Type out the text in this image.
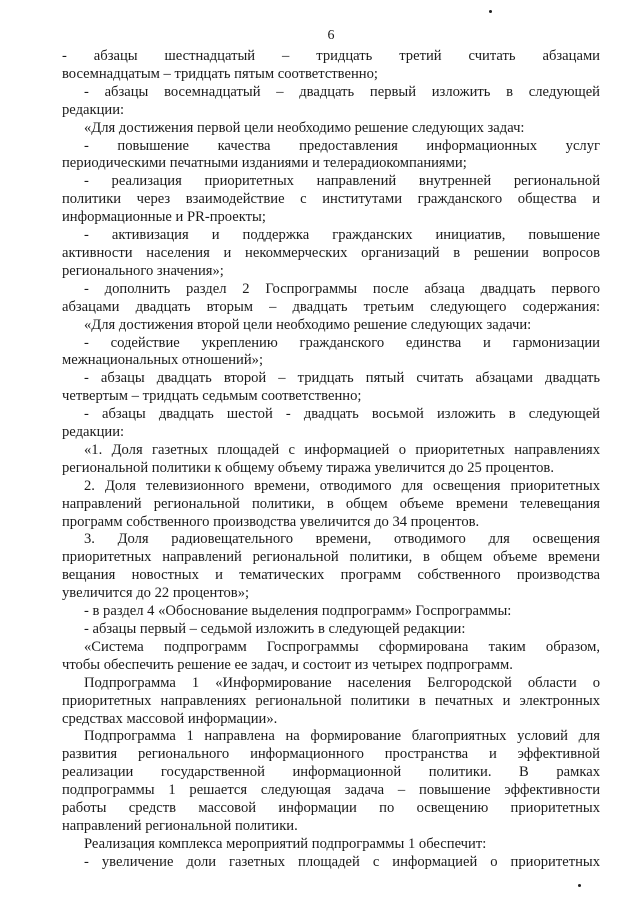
6
- абзацы шестнадцатый – тридцать третий считать абзацами
восемнадцатым – тридцать пятым соответственно;
- абзацы восемнадцатый – двадцать первый изложить в следующей
редакции:
«Для достижения первой цели необходимо решение следующих задач:
- повышение качества предоставления информационных услуг
периодическими печатными изданиями и телерадиокомпаниями;
- реализация приоритетных направлений внутренней региональной
политики через взаимодействие с институтами гражданского общества и
информационные и PR-проекты;
- активизация и поддержка гражданских инициатив, повышение
активности населения и некоммерческих организаций в решении вопросов
регионального значения»;
- дополнить раздел 2 Госпрограммы после абзаца двадцать первого
абзацами двадцать вторым – двадцать третьим следующего содержания:
«Для достижения второй цели необходимо решение следующих задачи:
- содействие укреплению гражданского единства и гармонизации
межнациональных отношений»;
- абзацы двадцать второй – тридцать пятый считать абзацами двадцать
четвертым – тридцать седьмым соответственно;
- абзацы двадцать шестой - двадцать восьмой изложить в следующей
редакции:
«1. Доля газетных площадей с информацией о приоритетных направлениях
региональной политики к общему объему тиража увеличится до 25 процентов.
2. Доля телевизионного времени, отводимого для освещения приоритетных
направлений региональной политики, в общем объеме времени телевещания
программ собственного производства увеличится до 34 процентов.
3. Доля радиовещательного времени, отводимого для освещения
приоритетных направлений региональной политики, в общем объеме времени
вещания новостных и тематических программ собственного производства
увеличится до 22 процентов»;
- в раздел 4 «Обоснование выделения подпрограмм» Госпрограммы:
- абзацы первый – седьмой изложить в следующей редакции:
«Система подпрограмм Госпрограммы сформирована таким образом,
чтобы обеспечить решение ее задач, и состоит из четырех подпрограмм.
Подпрограмма 1 «Информирование населения Белгородской области о
приоритетных направлениях региональной политики в печатных и электронных
средствах массовой информации».
Подпрограмма 1 направлена на формирование благоприятных условий для
развития регионального информационного пространства и эффективной
реализации государственной информационной политики. В рамках
подпрограммы 1 решается следующая задача – повышение эффективности
работы средств массовой информации по освещению приоритетных
направлений региональной политики.
Реализация комплекса мероприятий подпрограммы 1 обеспечит:
- увеличение доли газетных площадей с информацией о приоритетных
